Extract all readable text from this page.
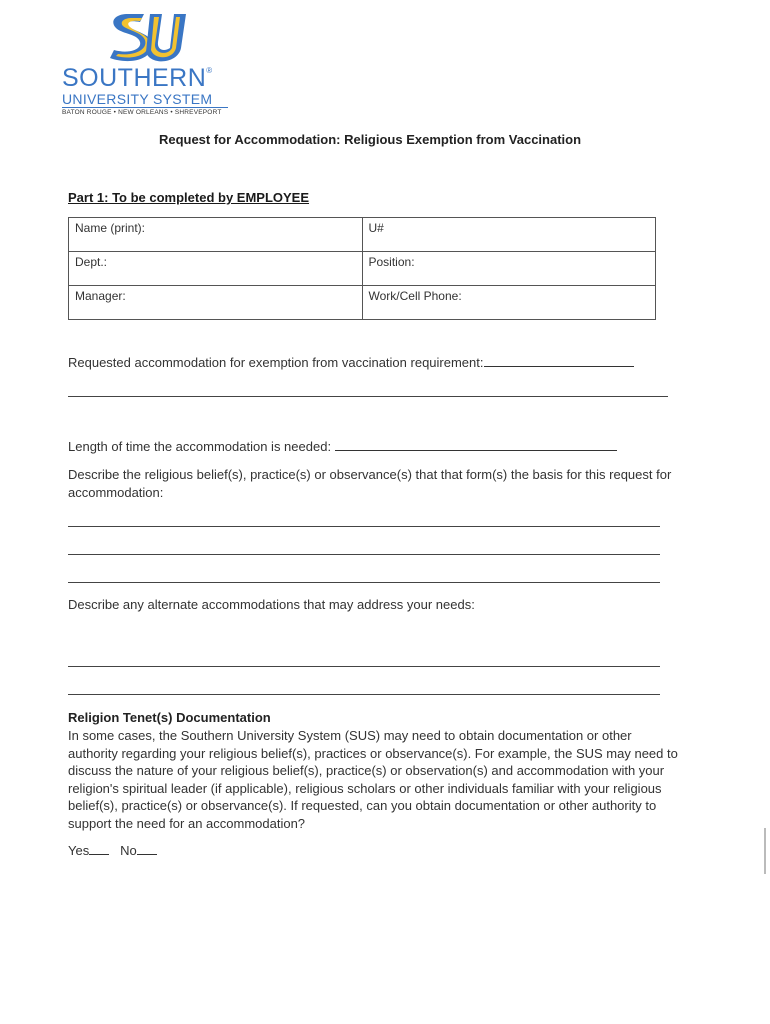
SOUTHERN®
UNIVERSITY SYSTEM
BATON ROUGE • NEW ORLEANS • SHREVEPORT
Request for Accommodation: Religious Exemption from Vaccination
Part 1: To be completed by EMPLOYEE
Name (print):	U#
Dept.:	Position:
Manager:	Work/Cell Phone:
Requested accommodation for exemption from vaccination requirement:
Length of time the accommodation is needed:
Describe the religious belief(s), practice(s) or observance(s) that that form(s) the basis for this request for accommodation:
Describe any alternate accommodations that may address your needs:
Religion Tenet(s) Documentation
In some cases, the Southern University System (SUS) may need to obtain documentation or other authority regarding your religious belief(s), practices or observance(s). For example, the SUS may need to discuss the nature of your religious belief(s), practice(s) or observation(s) and accommodation with your religion's spiritual leader (if applicable), religious scholars or other individuals familiar with your religious belief(s), practice(s) or observance(s). If requested, can you obtain documentation or other authority to support the need for an accommodation?
Yes No
